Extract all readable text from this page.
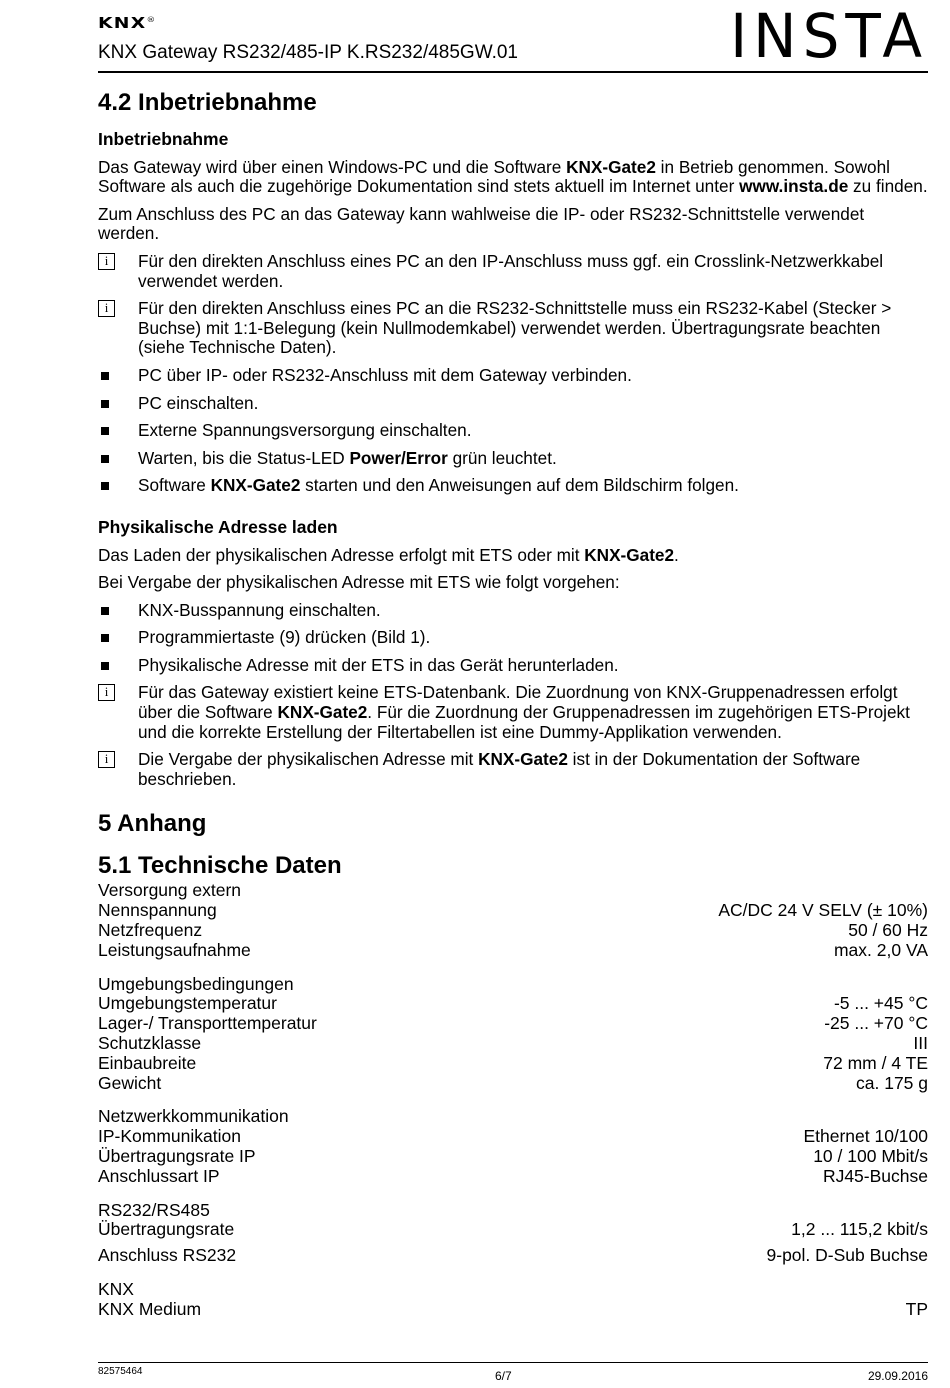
KNX®
KNX Gateway RS232/485-IP K.RS232/485GW.01	INSTA
4.2 Inbetriebnahme
Inbetriebnahme
Das Gateway wird über einen Windows-PC und die Software KNX-Gate2 in Betrieb genommen. Sowohl Software als auch die zugehörige Dokumentation sind stets aktuell im Internet unter www.insta.de zu finden.
Zum Anschluss des PC an das Gateway kann wahlweise die IP- oder RS232-Schnittstelle verwendet werden.
i	Für den direkten Anschluss eines PC an den IP-Anschluss muss ggf. ein Crosslink-Netzwerkkabel verwendet werden.
i	Für den direkten Anschluss eines PC an die RS232-Schnittstelle muss ein RS232-Kabel (Stecker > Buchse) mit 1:1-Belegung (kein Nullmodemkabel) verwendet werden. Übertragungsrate beachten (siehe Technische Daten).
PC über IP- oder RS232-Anschluss mit dem Gateway verbinden.
PC einschalten.
Externe Spannungsversorgung einschalten.
Warten, bis die Status-LED Power/Error grün leuchtet.
Software KNX-Gate2 starten und den Anweisungen auf dem Bildschirm folgen.
Physikalische Adresse laden
Das Laden der physikalischen Adresse erfolgt mit ETS oder mit KNX-Gate2.
Bei Vergabe der physikalischen Adresse mit ETS wie folgt vorgehen:
KNX-Busspannung einschalten.
Programmiertaste (9) drücken (Bild 1).
Physikalische Adresse mit der ETS in das Gerät herunterladen.
i	Für das Gateway existiert keine ETS-Datenbank. Die Zuordnung von KNX-Gruppenadressen erfolgt über die Software KNX-Gate2. Für die Zuordnung der Gruppenadressen im zugehörigen ETS-Projekt und die korrekte Erstellung der Filtertabellen ist eine Dummy-Applikation verwenden.
i	Die Vergabe der physikalischen Adresse mit KNX-Gate2 ist in der Dokumentation der Software beschrieben.
5 Anhang
5.1 Technische Daten
Versorgung extern
Nennspannung	AC/DC 24 V SELV (± 10%)
Netzfrequenz	50 / 60 Hz
Leistungsaufnahme	max. 2,0 VA
Umgebungsbedingungen
Umgebungstemperatur	-5 ... +45 °C
Lager-/ Transporttemperatur	-25 ... +70 °C
Schutzklasse	III
Einbaubreite	72 mm / 4 TE
Gewicht	ca. 175 g
Netzwerkkommunikation
IP-Kommunikation	Ethernet 10/100
Übertragungsrate IP	10 / 100 Mbit/s
Anschlussart IP	RJ45-Buchse
RS232/RS485
Übertragungsrate	1,2 ... 115,2 kbit/s
Anschluss RS232	9-pol. D-Sub Buchse
KNX
KNX Medium	TP
82575464	6/7	29.09.2016
